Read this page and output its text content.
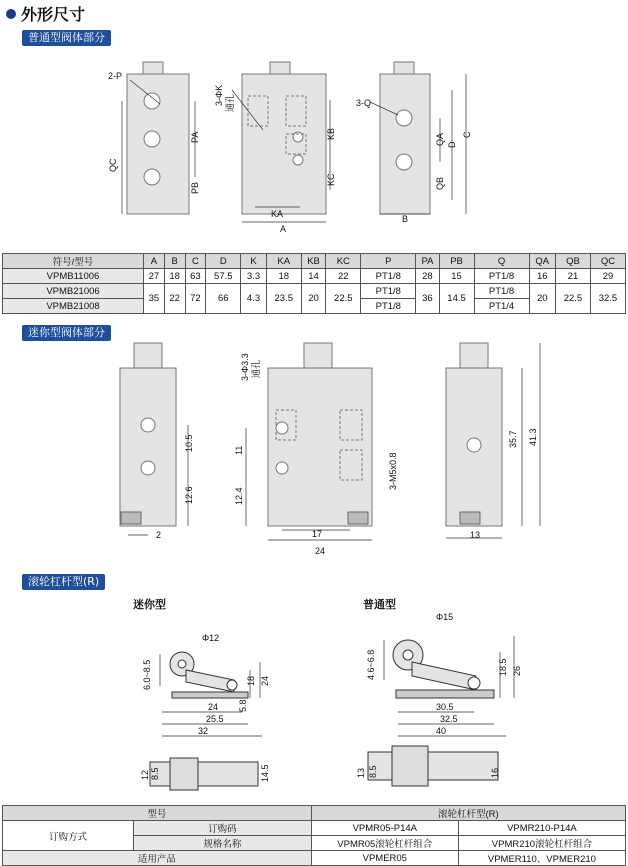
外形尺寸
普通型阀体部分
迷你型阀体部分
滚轮杠杆型(R)
2-P
PA
PB
QC
3-ΦK 通孔
KB
KC
KA
A
3-Q
QA
QB
D
C
B
10.5
12.6
2
3-Φ3.3 通孔
11
12.4
3-M5x0.8
17
24
35.7 41.3
13
Φ12
6.0~8.5	18 24
5.8
24
25.5
32
12 8.5	14.5
Φ15
4.6~6.8	18.5 26
30.5
32.5
40
13 8.5	16
迷你型	普通型
符号/型号	A	B	C	D	K	KA	KB	KC	P	PA	PB	Q	QA	QB	QC
VPMB11006	27	18	63	57.5	3.3	18	14	22	PT1/8	28	15	PT1/8	16	21	29
VPMB21006	35	22	72	66	4.3	23.5	20	22.5	PT1/8	36	14.5	PT1/8	20	22.5	32.5
VPMB21008									PT1/8			PT1/4			
型号		滚轮杠杆型(R)	
订购方式	订购码	VPMR05-P14A	VPMR210-P14A
	规格名称	VPMR05滚轮杠杆组合	VPMR210滚轮杠杆组合
适用产品		VPMER05	VPMER110、VPMER210
